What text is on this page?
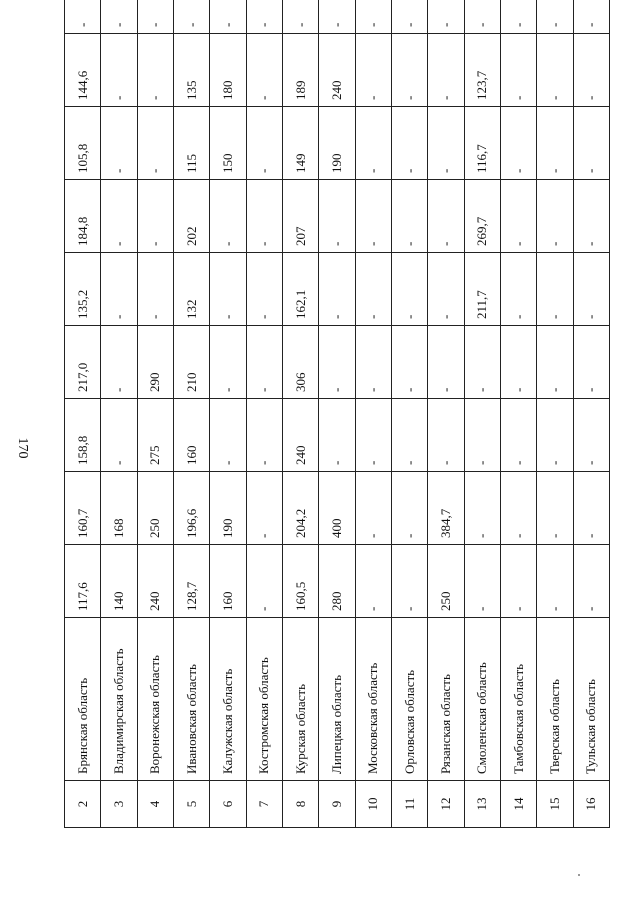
170
2	Брянская область	117,6	160,7	158,8	217,0	135,2	184,8	105,8	144,6	-	
3	Владимирская область	140	168	-	-	-	-	-	-	-	
4	Воронежская область	240	250	275	290	-	-	-	-	-	
5	Ивановская область	128,7	196,6	160	210	132	202	115	135	-	
6	Калужская область	160	190	-	-	-	-	150	180	-	
7	Костромская область	-	-	-	-	-	-	-	-	-	
8	Курская область	160,5	204,2	240	306	162,1	207	149	189	-	
9	Липецкая область	280	400	-	-	-	-	190	240	-	
10	Московская область	-	-	-	-	-	-	-	-	-	
11	Орловская область	-	-	-	-	-	-	-	-	-	
12	Рязанская область	250	384,7	-	-	-	-	-	-	-	
13	Смоленская область	-	-	-	-	211,7	269,7	116,7	123,7	-	
14	Тамбовская область	-	-	-	-	-	-	-	-	-	
15	Тверская область	-	-	-	-	-	-	-	-	-	
16	Тульская область	-	-	-	-	-	-	-	-	-	
